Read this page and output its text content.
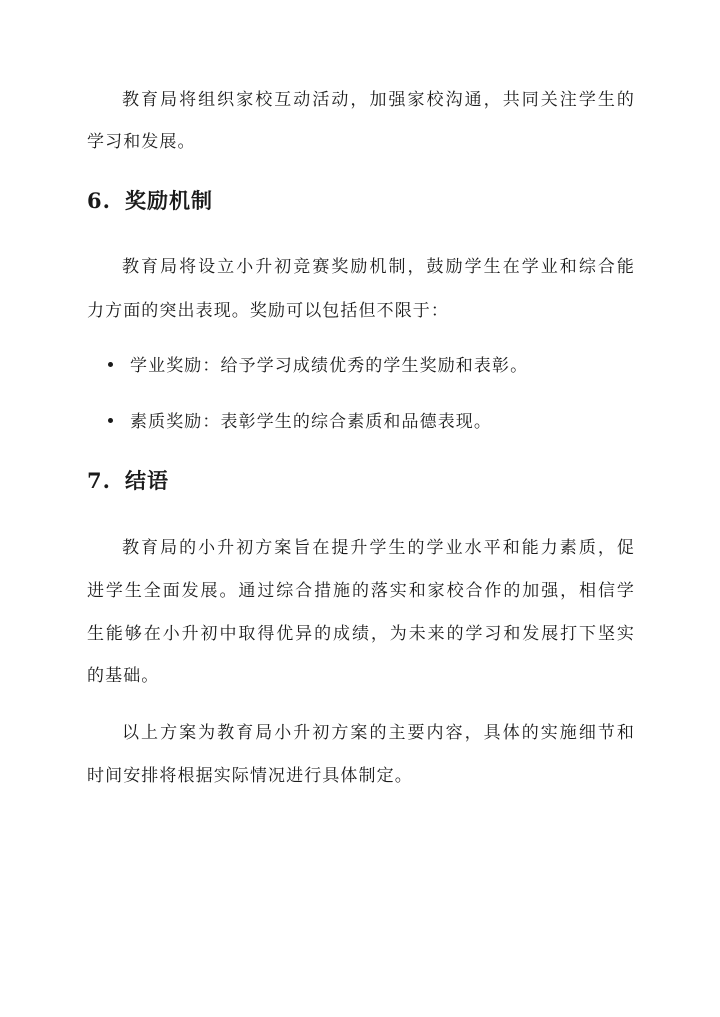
教育局将组织家校互动活动，加强家校沟通，共同关注学生的
学习和发展。
6. 奖励机制
教育局将设立小升初竞赛奖励机制，鼓励学生在学业和综合能
力方面的突出表现。奖励可以包括但不限于：
学业奖励：给予学习成绩优秀的学生奖励和表彰。
素质奖励：表彰学生的综合素质和品德表现。
7. 结语
教育局的小升初方案旨在提升学生的学业水平和能力素质，促
进学生全面发展。通过综合措施的落实和家校合作的加强，相信学
生能够在小升初中取得优异的成绩，为未来的学习和发展打下坚实
的基础。
以上方案为教育局小升初方案的主要内容，具体的实施细节和
时间安排将根据实际情况进行具体制定。
